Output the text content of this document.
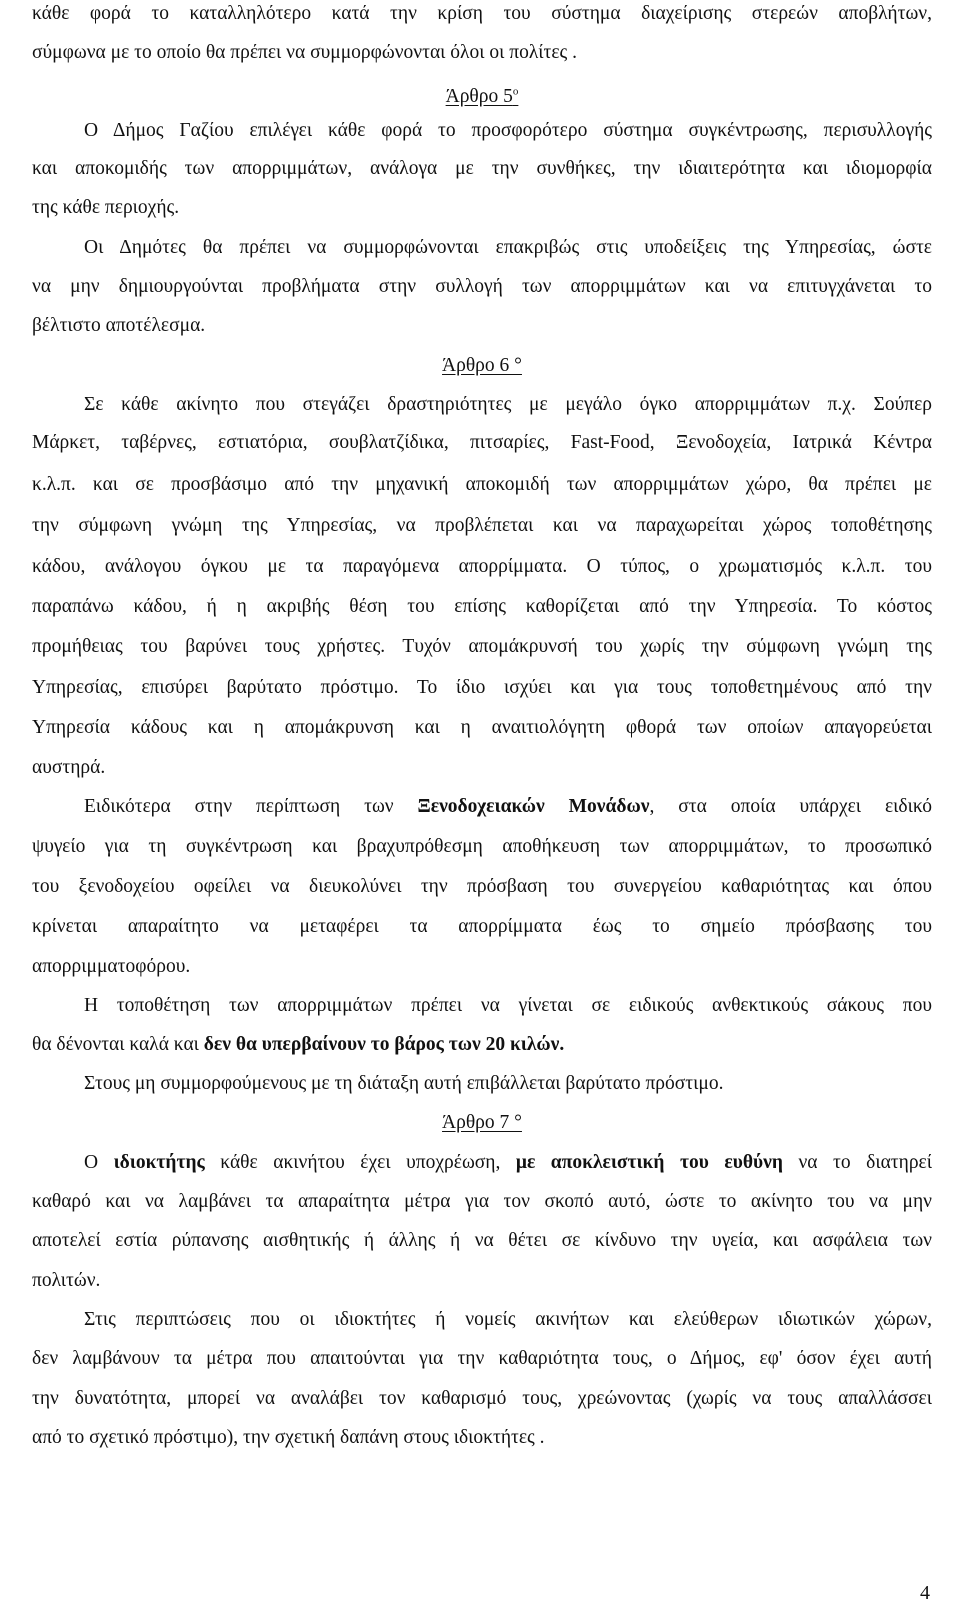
κάθε φορά το καταλληλότερο κατά την κρίση του σύστημα διαχείρισης στερεών αποβλήτων,
σύμφωνα με το οποίο θα πρέπει να συμμορφώνονται όλοι οι πολίτες .
Άρθρο $5^o$
Ο Δήμος Γαζίου επιλέγει κάθε φορά το προσφορότερο σύστημα συγκέντρωσης, περισυλλογής
και αποκομιδής των απορριμμάτων, ανάλογα με την συνθήκες, την ιδιαιτερότητα και ιδιομορφία
της κάθε περιοχής.
Οι Δημότες θα πρέπει να συμμορφώνονται επακριβώς στις υποδείξεις της Υπηρεσίας, ώστε
να μην δημιουργούνται προβλήματα στην συλλογή των απορριμμάτων και να επιτυγχάνεται το
βέλτιστο αποτέλεσμα.
Άρθρο 6 °
Σε κάθε ακίνητο που στεγάζει δραστηριότητες με μεγάλο όγκο απορριμμάτων π.χ. Σούπερ
Μάρκετ, ταβέρνες, εστιατόρια, σουβλατζίδικα, πιτσαρίες, Fast-Food, Ξενοδοχεία, Ιατρικά Κέντρα
κ.λ.π. και σε προσβάσιμο από την μηχανική αποκομιδή των απορριμμάτων χώρο, θα πρέπει με
την σύμφωνη γνώμη της Υπηρεσίας, να προβλέπεται και να παραχωρείται χώρος τοποθέτησης
κάδου, ανάλογου όγκου με τα παραγόμενα απορρίμματα. Ο τύπος, ο χρωματισμός κ.λ.π. του
παραπάνω κάδου, ή η ακριβής θέση του επίσης καθορίζεται από την Υπηρεσία. Το κόστος
προμήθειας του βαρύνει τους χρήστες. Τυχόν απομάκρυνσή του χωρίς την σύμφωνη γνώμη της
Υπηρεσίας, επισύρει βαρύτατο πρόστιμο. Το ίδιο ισχύει και για τους τοποθετημένους από την
Υπηρεσία κάδους και η απομάκρυνση και η αναιτιολόγητη φθορά των οποίων απαγορεύεται
αυστηρά.
Ειδικότερα στην περίπτωση των Ξενοδοχειακών Μονάδων, στα οποία υπάρχει ειδικό
ψυγείο για τη συγκέντρωση και βραχυπρόθεσμη αποθήκευση των απορριμμάτων, το προσωπικό
του ξενοδοχείου οφείλει να διευκολύνει την πρόσβαση του συνεργείου καθαριότητας και όπου
κρίνεται απαραίτητο να μεταφέρει τα απορρίμματα έως το σημείο πρόσβασης του
απορριμματοφόρου.
Η τοποθέτηση των απορριμμάτων πρέπει να γίνεται σε ειδικούς ανθεκτικούς σάκους που
θα δένονται καλά και δεν θα υπερβαίνουν το βάρος των 20 κιλών.
Στους μη συμμορφούμενους με τη διάταξη αυτή επιβάλλεται βαρύτατο πρόστιμο.
Άρθρο 7 °
Ο ιδιοκτήτης κάθε ακινήτου έχει υποχρέωση, με αποκλειστική του ευθύνη να το διατηρεί
καθαρό και να λαμβάνει τα απαραίτητα μέτρα για τον σκοπό αυτό, ώστε το ακίνητο του να μην
αποτελεί εστία ρύπανσης αισθητικής ή άλλης ή να θέτει σε κίνδυνο την υγεία, και ασφάλεια των
πολιτών.
Στις περιπτώσεις που οι ιδιοκτήτες ή νομείς ακινήτων και ελεύθερων ιδιωτικών χώρων,
δεν λαμβάνουν τα μέτρα που απαιτούνται για την καθαριότητα τους, ο Δήμος, εφ' όσον έχει αυτή
την δυνατότητα, μπορεί να αναλάβει τον καθαρισμό τους, χρεώνοντας (χωρίς να τους απαλλάσσει
από το σχετικό πρόστιμο), την σχετική δαπάνη στους ιδιοκτήτες .
4
